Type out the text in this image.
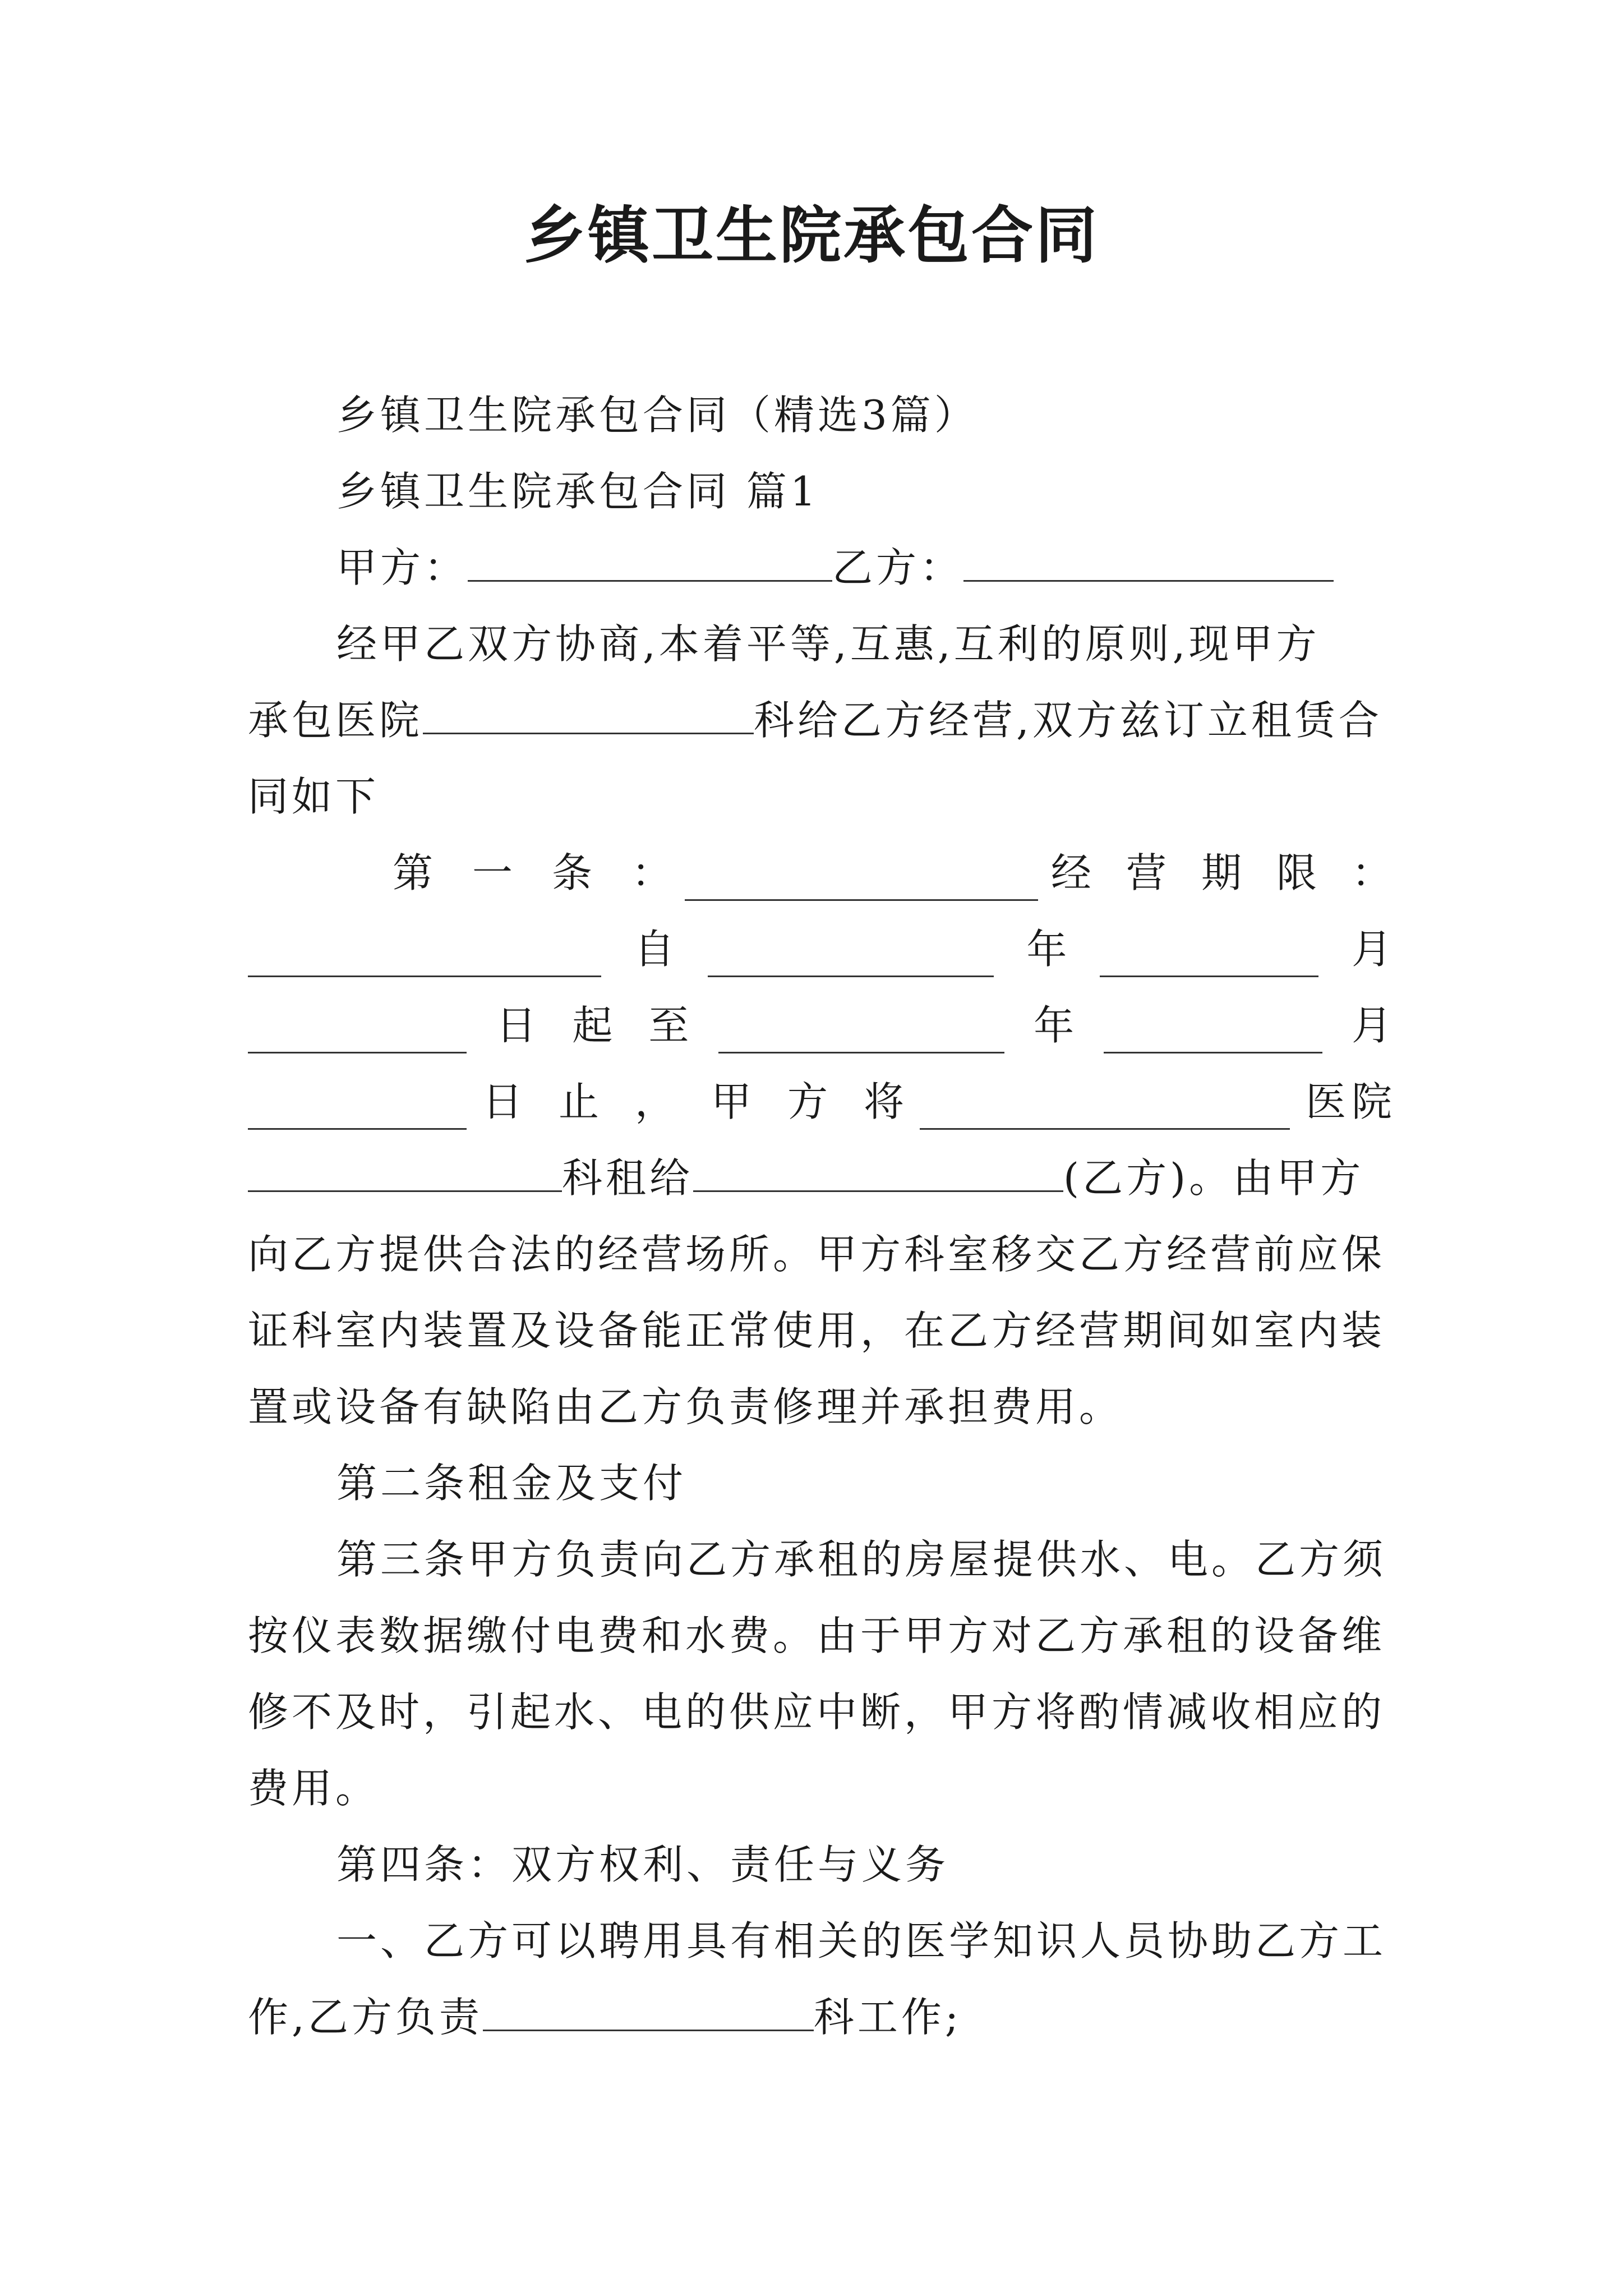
乡镇卫生院承包合同
乡镇卫生院承包合同（精选3篇）
乡镇卫生院承包合同 篇1
甲方：	乙方：
经甲乙双方协商,本着平等,互惠,互利的原则,现甲方
承包医院	科给乙方经营,双方兹订立租赁合
同如下
第 一 条 ：	经 营 期 限 ：
自	年	月
日 起 至	年	月
日 止 ， 甲 方 将	医 院
科租给	(乙方)。由甲方
向乙方提供合法的经营场所。甲方科室移交乙方经营前应保
证科室内装置及设备能正常使用，在乙方经营期间如室内装
置或设备有缺陷由乙方负责修理并承担费用。
第二条租金及支付
第三条甲方负责向乙方承租的房屋提供水、电。乙方须
按仪表数据缴付电费和水费。由于甲方对乙方承租的设备维
修不及时，引起水、电的供应中断，甲方将酌情减收相应的
费用。
第四条：双方权利、责任与义务
一、乙方可以聘用具有相关的医学知识人员协助乙方工
作,乙方负责	科工作;
